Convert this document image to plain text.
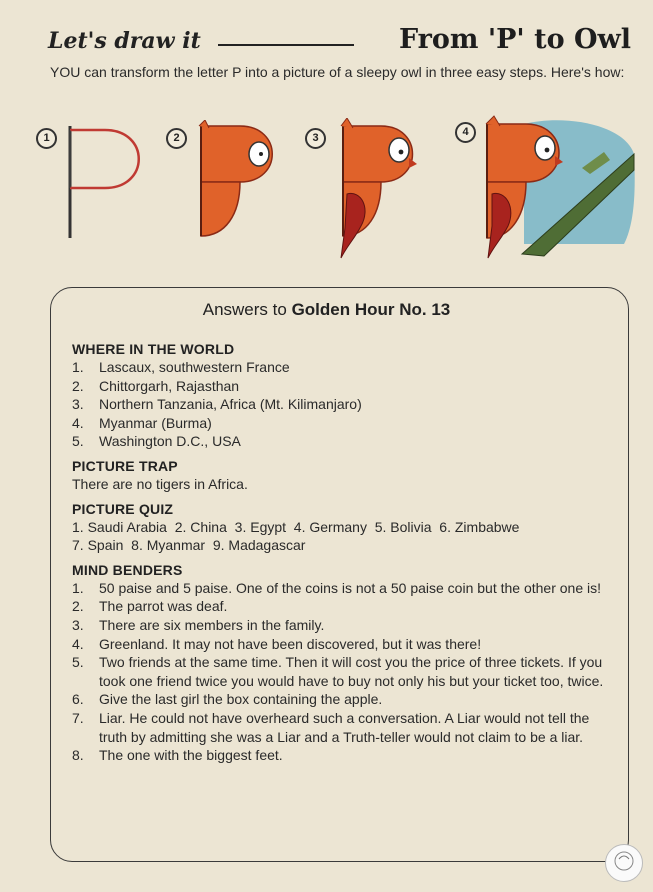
Let's draw it	From 'P' to Owl
YOU can transform the letter P into a picture of a sleepy owl in three easy steps. Here's how:
1	2	3	4
Answers to Golden Hour No. 13

WHERE IN THE WORLD

1.	Lascaux, southwestern France
2.	Chittorgarh, Rajasthan
3.	Northern Tanzania, Africa (Mt. Kilimanjaro)
4.	Myanmar (Burma)
5.	Washington D.C., USA

PICTURE TRAP

There are no tigers in Africa.

PICTURE QUIZ

1. Saudi Arabia  2. China  3. Egypt  4. Germany  5. Bolivia  6. Zimbabwe

7. Spain  8. Myanmar  9. Madagascar

MIND BENDERS

1.	50 paise and 5 paise. One of the coins is not a 50 paise coin but the other one is!
2.	The parrot was deaf.
3.	There are six members in the family.
4.	Greenland. It may not have been discovered, but it was there!
5.	Two friends at the same time. Then it will cost you the price of three tickets. If you took one friend twice you would have to buy not only his but your ticket too, twice.
6.	Give the last girl the box containing the apple.
7.	Liar. He could not have overheard such a conversation. A Liar would not tell the truth by admitting she was a Liar and a Truth-teller would not claim to be a liar.
8.	The one with the biggest feet.
